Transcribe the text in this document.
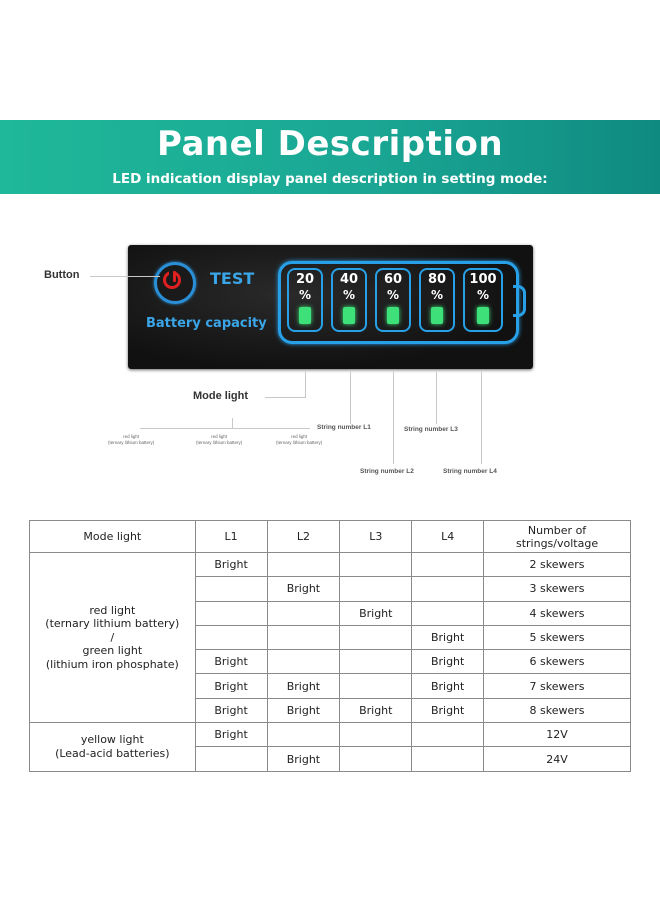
Panel Description
LED indication display panel description in setting mode:
TEST
Battery capacity
20
%
40
%
60
%
80
%
100
%
Button
Mode light
red light
(ternary lithium battery)
red light
(ternary lithium battery)
red light
(ternary lithium battery)
String number L1	String number L3
String number L2	String number L4
Mode light	L1	L2	L3	L4	Number of strings/voltage

red light
(ternary lithium battery)
/
green light
(lithium iron phosphate)	Bright				2 skewers
		Bright			3 skewers
			Bright		4 skewers
				Bright	5 skewers
	Bright			Bright	6 skewers
	Bright	Bright		Bright	7 skewers
	Bright	Bright	Bright	Bright	8 skewers

yellow light
(Lead-acid batteries)	Bright				12V
		Bright			24V
